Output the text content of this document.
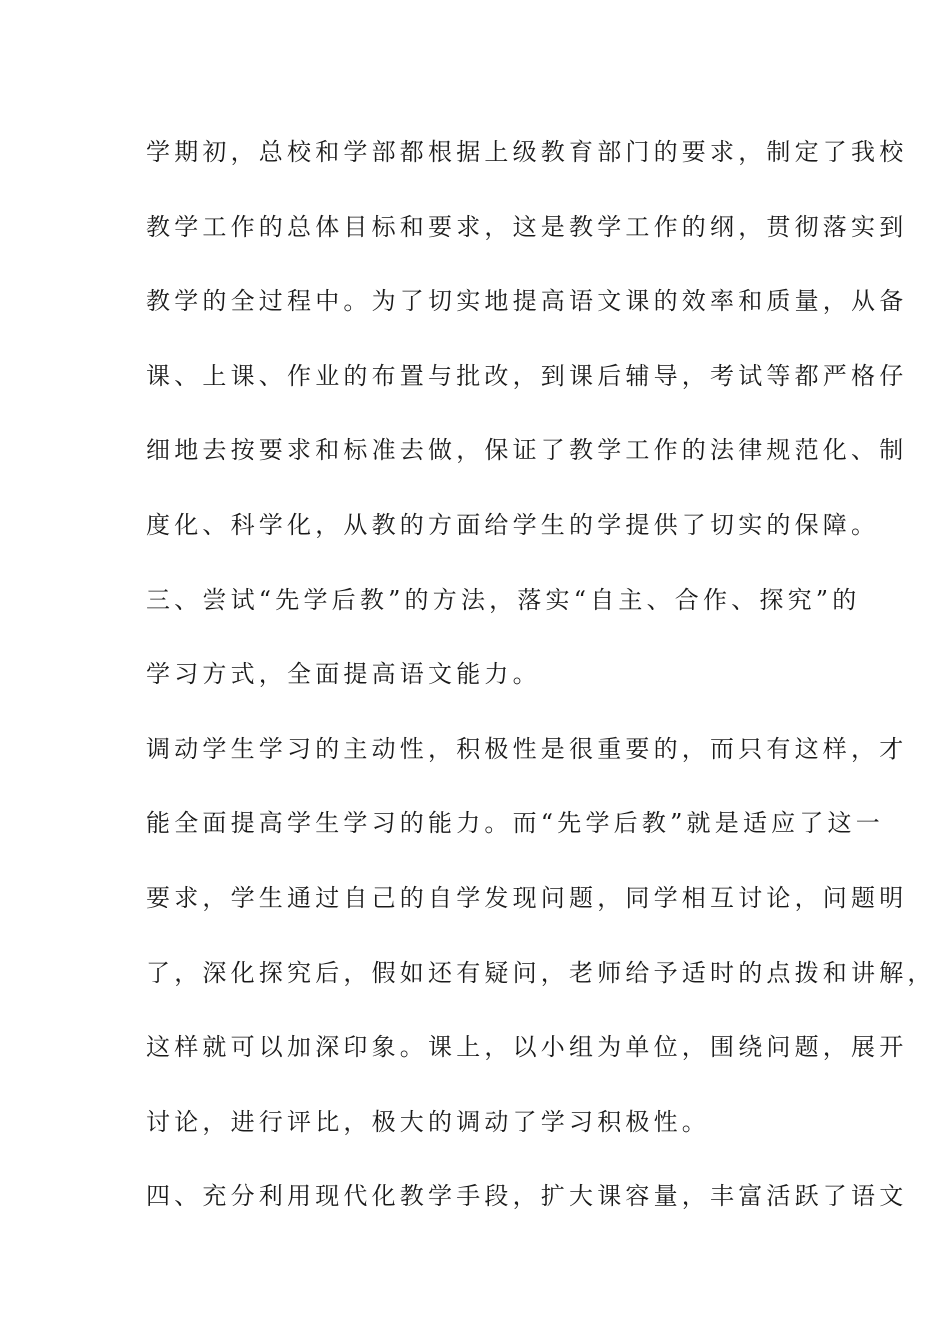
学期初，总校和学部都根据上级教育部门的要求，制定了我校
教学工作的总体目标和要求，这是教学工作的纲，贯彻落实到
教学的全过程中。为了切实地提高语文课的效率和质量，从备
课、上课、作业的布置与批改，到课后辅导，考试等都严格仔
细地去按要求和标准去做，保证了教学工作的法律规范化、制
度化、科学化，从教的方面给学生的学提供了切实的保障。
三、尝试“先学后教”的方法，落实“自主、合作、探究”的
学习方式，全面提高语文能力。
调动学生学习的主动性，积极性是很重要的，而只有这样，才
能全面提高学生学习的能力。而“先学后教”就是适应了这一
要求，学生通过自己的自学发现问题，同学相互讨论，问题明
了，深化探究后，假如还有疑问，老师给予适时的点拨和讲解，
这样就可以加深印象。课上，以小组为单位，围绕问题，展开
讨论，进行评比，极大的调动了学习积极性。
四、充分利用现代化教学手段，扩大课容量，丰富活跃了语文
